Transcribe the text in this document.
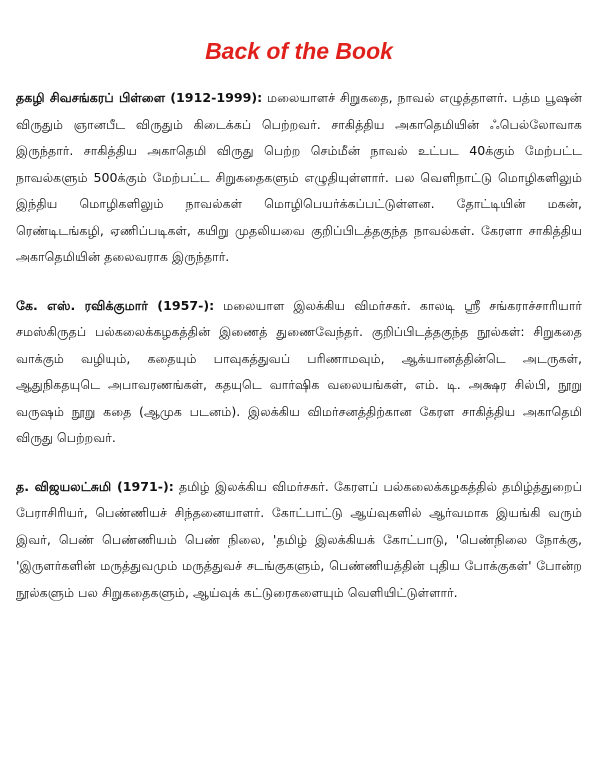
Back of the Book

தகழி சிவசங்கரப் பிள்ளை (1912-1999): மலையாளச் சிறுகதை, நாவல் எழுத்தாளர். பத்ம பூஷன் விருதும் ஞானபீட விருதும் கிடைக்கப் பெற்றவர். சாகித்திய அகாதெமியின் ஃபெல்லோவாக இருந்தார். சாகித்திய அகாதெமி விருது பெற்ற செம்மீன் நாவல் உட்பட 40க்கும் மேற்பட்ட நாவல்களும் 500க்கும் மேற்பட்ட சிறுகதைகளும் எழுதியுள்ளார். பல வெளிநாட்டு மொழிகளிலும் இந்திய மொழிகளிலும் நாவல்கள் மொழிபெயர்க்கப்பட்டுள்ளன. தோட்டியின் மகன், ரெண்டிடங்கழி, ஏணிப்படிகள், கயிறு முதலியவை குறிப்பிடத்தகுந்த நாவல்கள். கேரளா சாகித்திய அகாதெமியின் தலைவராக இருந்தார்.

கே. எஸ். ரவிக்குமார் (1957-): மலையாள இலக்கிய விமர்சகர். காலடி ஸ்ரீ சங்கராச்சாரியார் சமஸ்கிருதப் பல்கலைக்கழகத்தின் இணைத் துணைவேந்தர். குறிப்பிடத்தகுந்த நூல்கள்: சிறுகதை வாக்கும் வழியும், கதையும் பாவுகத்துவப் பரிணாமவும், ஆக்யானத்தின்டெ அடருகள், ஆதுநிகதயுடெ அபாவரணங்கள், கதயுடெ வார்ஷிக வலையங்கள், எம். டி. அக்ஷர சில்பி, நூறு வருஷம் நூறு கதை (ஆமுக படனம்). இலக்கிய விமர்சனத்திற்கான கேரள சாகித்திய அகாதெமி விருது பெற்றவர்.

த. விஜயலட்சுமி (1971-): தமிழ் இலக்கிய விமர்சகர். கேரளப் பல்கலைக்கழகத்தில் தமிழ்த்துறைப் பேராசிரியர், பெண்ணியச் சிந்தனையாளர். கோட்பாட்டு ஆய்வுகளில் ஆர்வமாக இயங்கி வரும் இவர், பெண் பெண்ணியம் பெண் நிலை, 'தமிழ் இலக்கியக் கோட்பாடு, 'பெண்நிலை நோக்கு, 'இருளர்களின் மருத்துவமும் மருத்துவச் சடங்குகளும், பெண்ணியத்தின் புதிய போக்குகள்' போன்ற நூல்களும் பல சிறுகதைகளும், ஆய்வுக் கட்டுரைகளையும் வெளியிட்டுள்ளார்.
